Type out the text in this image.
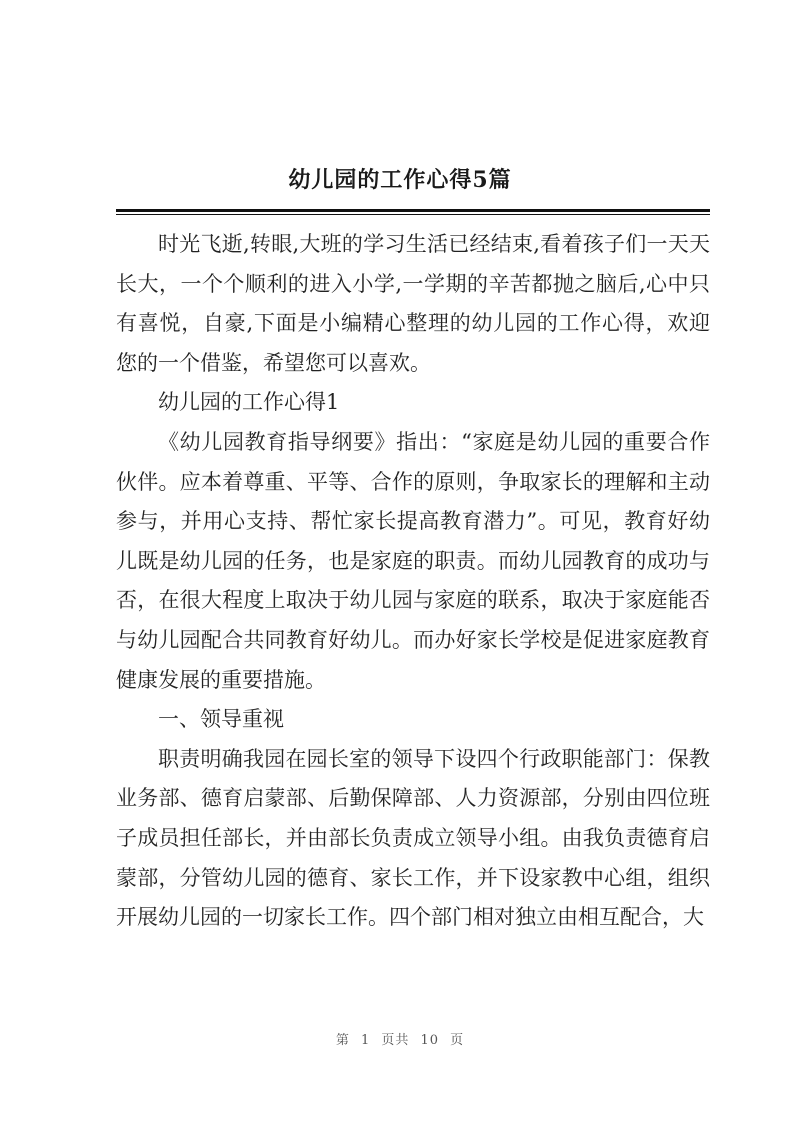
幼儿园的工作心得5篇

时光飞逝,转眼,大班的学习生活已经结束,看着孩子们一天天长大，一个个顺利的进入小学,一学期的辛苦都抛之脑后,心中只有喜悦，自豪,下面是小编精心整理的幼儿园的工作心得，欢迎您的一个借鉴，希望您可以喜欢。

幼儿园的工作心得1

《幼儿园教育指导纲要》指出：“家庭是幼儿园的重要合作伙伴。应本着尊重、平等、合作的原则，争取家长的理解和主动参与，并用心支持、帮忙家长提高教育潜力”。可见，教育好幼儿既是幼儿园的任务，也是家庭的职责。而幼儿园教育的成功与否，在很大程度上取决于幼儿园与家庭的联系，取决于家庭能否与幼儿园配合共同教育好幼儿。而办好家长学校是促进家庭教育健康发展的重要措施。

一、领导重视

职责明确我园在园长室的领导下设四个行政职能部门：保教业务部、德育启蒙部、后勤保障部、人力资源部，分别由四位班子成员担任部长，并由部长负责成立领导小组。由我负责德育启蒙部，分管幼儿园的德育、家长工作，并下设家教中心组，组织开展幼儿园的一切家长工作。四个部门相对独立由相互配合，大

第 1 页共 10 页
